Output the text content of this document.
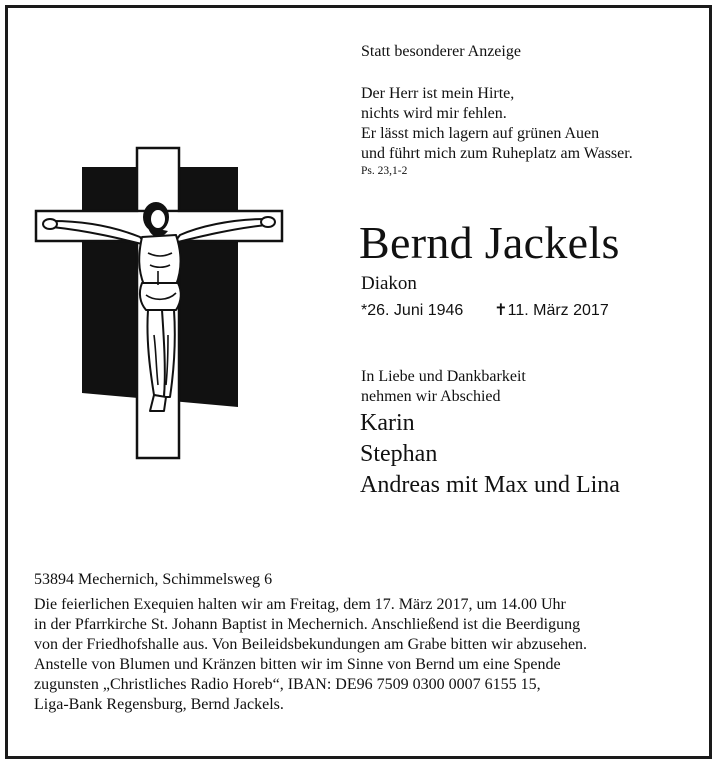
Statt besonderer Anzeige
Der Herr ist mein Hirte,
nichts wird mir fehlen.
Er lässt mich lagern auf grünen Auen
und führt mich zum Ruheplatz am Wasser.
Ps. 23,1-2
Bernd Jackels
Diakon
*26. Juni 1946 ✝11. März 2017
In Liebe und Dankbarkeit
nehmen wir Abschied
Karin
Stephan
Andreas mit Max und Lina
53894 Mechernich, Schimmelsweg 6
Die feierlichen Exequien halten wir am Freitag, dem 17. März 2017, um 14.00 Uhr
in der Pfarrkirche St. Johann Baptist in Mechernich. Anschließend ist die Beerdigung
von der Friedhofshalle aus. Von Beileidsbekundungen am Grabe bitten wir abzusehen.
Anstelle von Blumen und Kränzen bitten wir im Sinne von Bernd um eine Spende
zugunsten „Christliches Radio Horeb“, IBAN: DE96 7509 0300 0007 6155 15,
Liga-Bank Regensburg, Bernd Jackels.
